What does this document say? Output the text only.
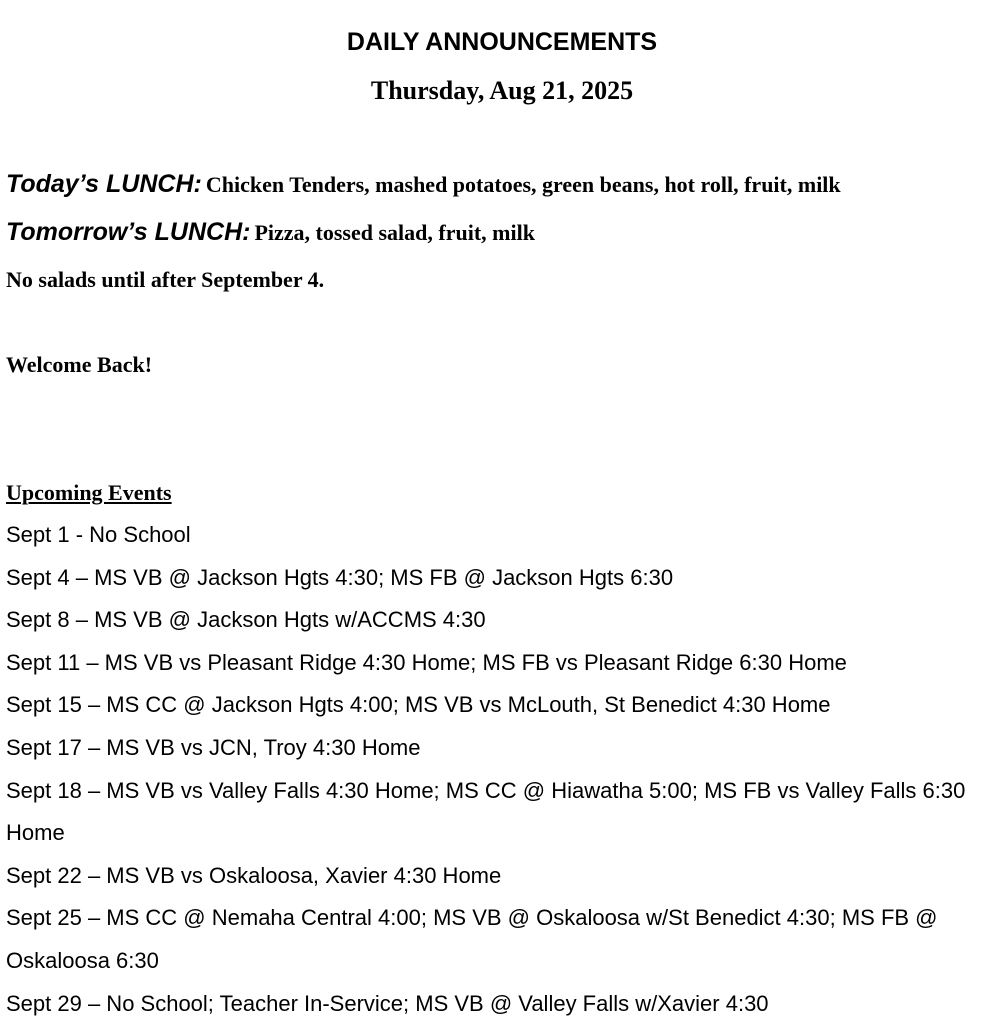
DAILY ANNOUNCEMENTS
Thursday, Aug 21, 2025

Today’s LUNCH: Chicken Tenders, mashed potatoes, green beans, hot roll, fruit, milk

Tomorrow’s LUNCH: Pizza, tossed salad, fruit, milk

No salads until after September 4.

Welcome Back!

Upcoming Events
Sept 1 - No School
Sept 4 – MS VB @ Jackson Hgts 4:30; MS FB @ Jackson Hgts 6:30
Sept 8 – MS VB @ Jackson Hgts w/ACCMS 4:30
Sept 11 – MS VB vs Pleasant Ridge 4:30 Home; MS FB vs Pleasant Ridge 6:30 Home
Sept 15 – MS CC @ Jackson Hgts 4:00; MS VB vs McLouth, St Benedict 4:30 Home
Sept 17 – MS VB vs JCN, Troy 4:30 Home
Sept 18 – MS VB vs Valley Falls 4:30 Home; MS CC @ Hiawatha 5:00; MS FB vs Valley Falls 6:30 Home
Sept 22 – MS VB vs Oskaloosa, Xavier 4:30 Home
Sept 25 – MS CC @ Nemaha Central 4:00; MS VB @ Oskaloosa w/St Benedict 4:30; MS FB @ Oskaloosa 6:30
Sept 29 – No School; Teacher In-Service; MS VB @ Valley Falls w/Xavier 4:30
